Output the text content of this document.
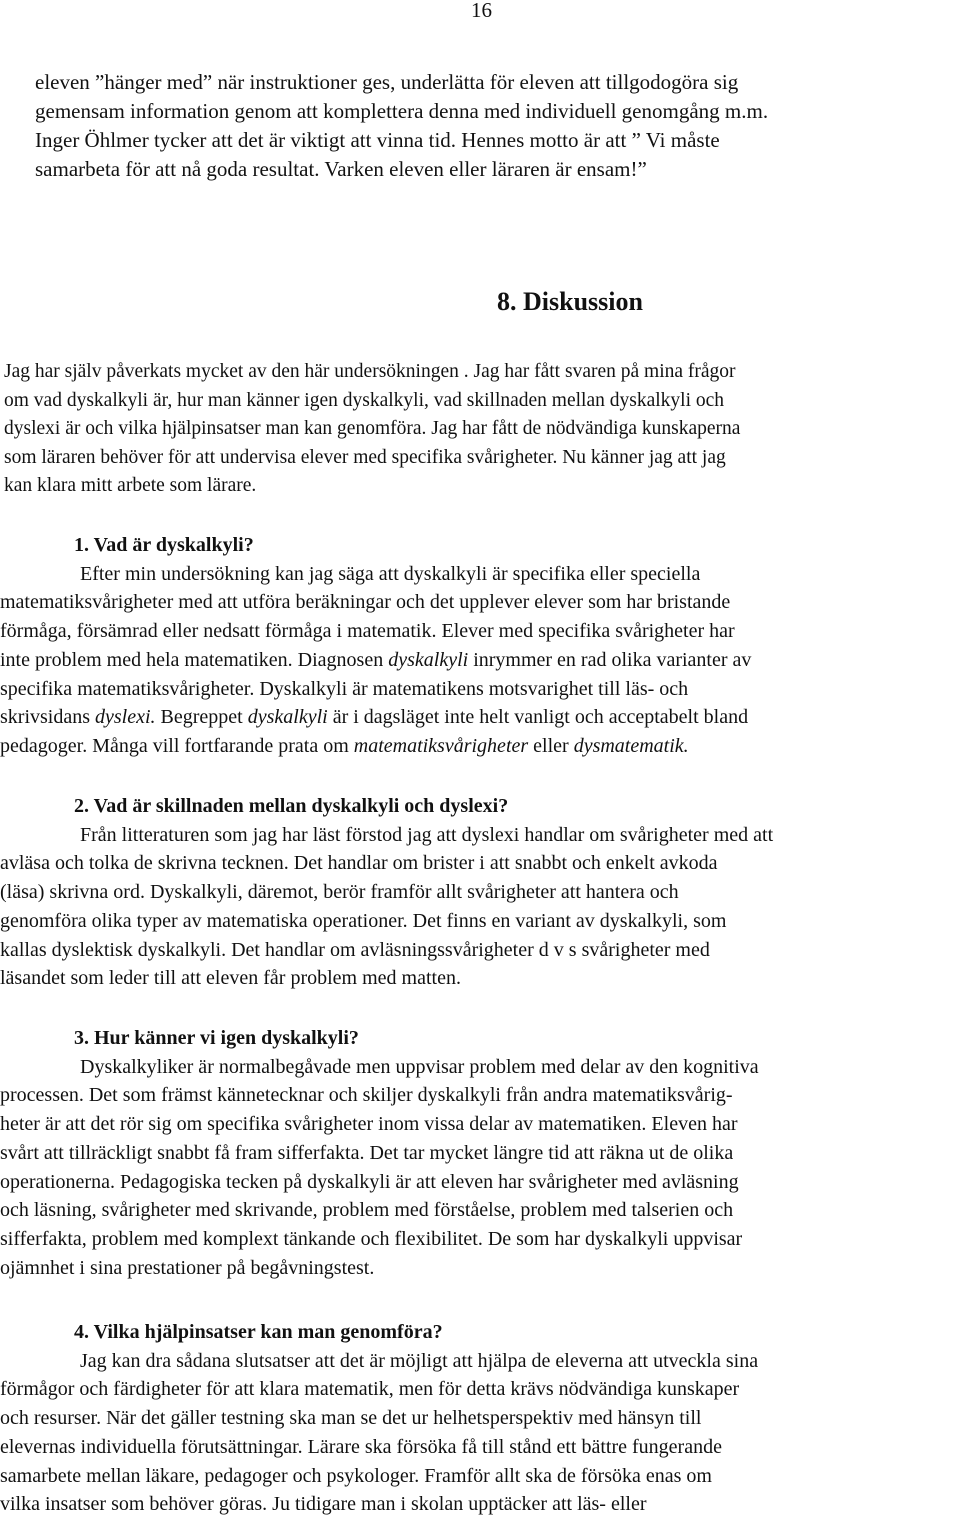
16
eleven ”hänger med” när instruktioner ges, underlätta för eleven att tillgodogöra sig
gemensam information genom att komplettera denna med individuell genomgång m.m.
Inger Öhlmer tycker att det är viktigt att vinna tid. Hennes motto är att ” Vi måste
samarbeta för att nå goda resultat. Varken eleven eller läraren är ensam!”
8. Diskussion
Jag har själv påverkats mycket av den här undersökningen . Jag har fått svaren på mina frågor
om vad dyskalkyli är, hur man känner igen dyskalkyli, vad skillnaden mellan dyskalkyli och
dyslexi är och vilka hjälpinsatser man kan genomföra. Jag har fått de nödvändiga kunskaperna
som läraren behöver för att undervisa elever med specifika svårigheter. Nu känner jag att jag
kan klara mitt arbete som lärare.
1. Vad är dyskalkyli?
Efter min undersökning kan jag säga att dyskalkyli är specifika eller speciella
matematiksvårigheter med att utföra beräkningar och det upplever elever som har bristande
förmåga, försämrad eller nedsatt förmåga i matematik. Elever med specifika svårigheter har
inte problem med hela matematiken. Diagnosen dyskalkyli inrymmer en rad olika varianter av
specifika matematiksvårigheter. Dyskalkyli är matematikens motsvarighet till läs- och
skrivsidans dyslexi. Begreppet dyskalkyli är i dagsläget inte helt vanligt och acceptabelt bland
pedagoger. Många vill fortfarande prata om matematiksvårigheter eller dysmatematik.
2. Vad är skillnaden mellan dyskalkyli och dyslexi?
Från litteraturen som jag har läst förstod jag att dyslexi handlar om svårigheter med att
avläsa och tolka de skrivna tecknen. Det handlar om brister i att snabbt och enkelt avkoda
(läsa) skrivna ord. Dyskalkyli, däremot, berör framför allt svårigheter att hantera och
genomföra olika typer av matematiska operationer. Det finns en variant av dyskalkyli, som
kallas dyslektisk dyskalkyli. Det handlar om avläsningssvårigheter d v s svårigheter med
läsandet som leder till att eleven får problem med matten.
3. Hur känner vi igen dyskalkyli?
Dyskalkyliker är normalbegåvade men uppvisar problem med delar av den kognitiva
processen. Det som främst kännetecknar och skiljer dyskalkyli från andra matematiksvårig-
heter är att det rör sig om specifika svårigheter inom vissa delar av matematiken. Eleven har
svårt att tillräckligt snabbt få fram sifferfakta. Det tar mycket längre tid att räkna ut de olika
operationerna. Pedagogiska tecken på dyskalkyli är att eleven har svårigheter med avläsning
och läsning, svårigheter med skrivande, problem med förståelse, problem med talserien och
sifferfakta, problem med komplext tänkande och flexibilitet. De som har dyskalkyli uppvisar
ojämnhet i sina prestationer på begåvningstest.
4. Vilka hjälpinsatser kan man genomföra?
Jag kan dra sådana slutsatser att det är möjligt att hjälpa de eleverna att utveckla sina
förmågor och färdigheter för att klara matematik, men för detta krävs nödvändiga kunskaper
och resurser. När det gäller testning ska man se det ur helhetsperspektiv med hänsyn till
elevernas individuella förutsättningar. Lärare ska försöka få till stånd ett bättre fungerande
samarbete mellan läkare, pedagoger och psykologer. Framför allt ska de försöka enas om
vilka insatser som behöver göras. Ju tidigare man i skolan upptäcker att läs- eller
